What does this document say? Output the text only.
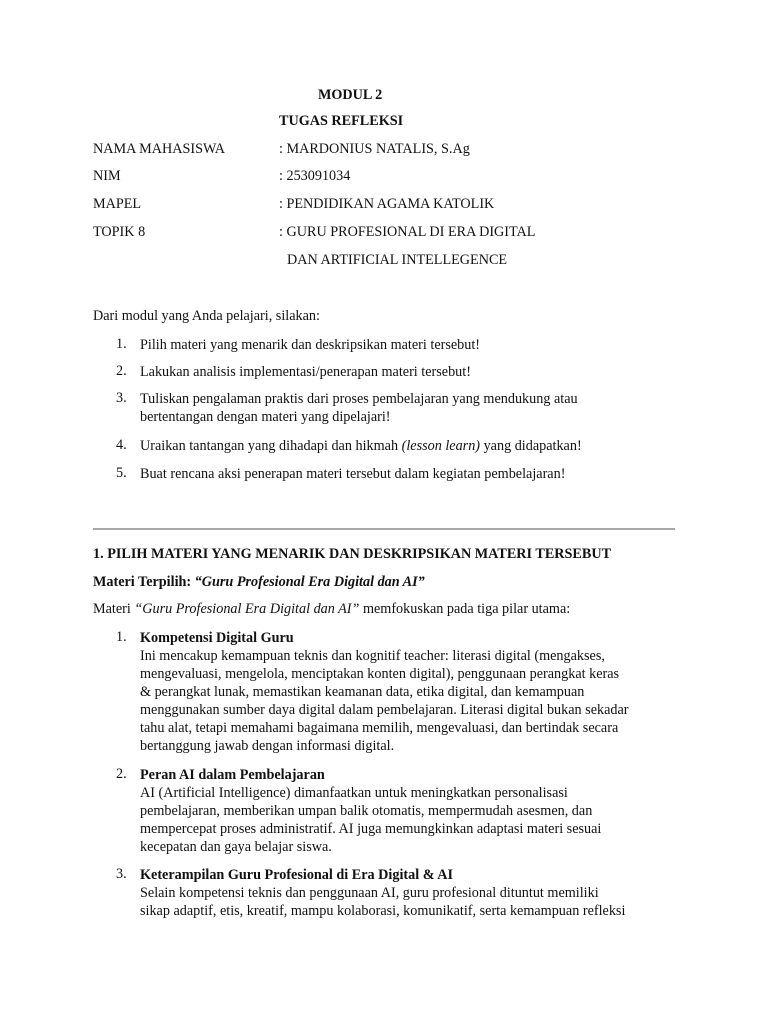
MODUL 2
TUGAS REFLEKSI
NAMA MAHASISWA	: MARDONIUS NATALIS, S.Ag
NIM	: 253091034
MAPEL	: PENDIDIKAN AGAMA KATOLIK
TOPIK 8	: GURU PROFESIONAL DI ERA DIGITAL
DAN ARTIFICIAL INTELLEGENCE
Dari modul yang Anda pelajari, silakan:
1. Pilih materi yang menarik dan deskripsikan materi tersebut!
2. Lakukan analisis implementasi/penerapan materi tersebut!
3. Tuliskan pengalaman praktis dari proses pembelajaran yang mendukung atau bertentangan dengan materi yang dipelajari!
4. Uraikan tantangan yang dihadapi dan hikmah (lesson learn) yang didapatkan!
5. Buat rencana aksi penerapan materi tersebut dalam kegiatan pembelajaran!
1. PILIH MATERI YANG MENARIK DAN DESKRIPSIKAN MATERI TERSEBUT
Materi Terpilih: “Guru Profesional Era Digital dan AI”
Materi “Guru Profesional Era Digital dan AI” memfokuskan pada tiga pilar utama:
1. Kompetensi Digital Guru
Ini mencakup kemampuan teknis dan kognitif teacher: literasi digital (mengakses,
mengevaluasi, mengelola, menciptakan konten digital), penggunaan perangkat keras
& perangkat lunak, memastikan keamanan data, etika digital, dan kemampuan
menggunakan sumber daya digital dalam pembelajaran. Literasi digital bukan sekadar
tahu alat, tetapi memahami bagaimana memilih, mengevaluasi, dan bertindak secara
bertanggung jawab dengan informasi digital.
2. Peran AI dalam Pembelajaran
AI (Artificial Intelligence) dimanfaatkan untuk meningkatkan personalisasi
pembelajaran, memberikan umpan balik otomatis, mempermudah asesmen, dan
mempercepat proses administratif. AI juga memungkinkan adaptasi materi sesuai
kecepatan dan gaya belajar siswa.
3. Keterampilan Guru Profesional di Era Digital & AI
Selain kompetensi teknis dan penggunaan AI, guru profesional dituntut memiliki
sikap adaptif, etis, kreatif, mampu kolaborasi, komunikatif, serta kemampuan refleksi
